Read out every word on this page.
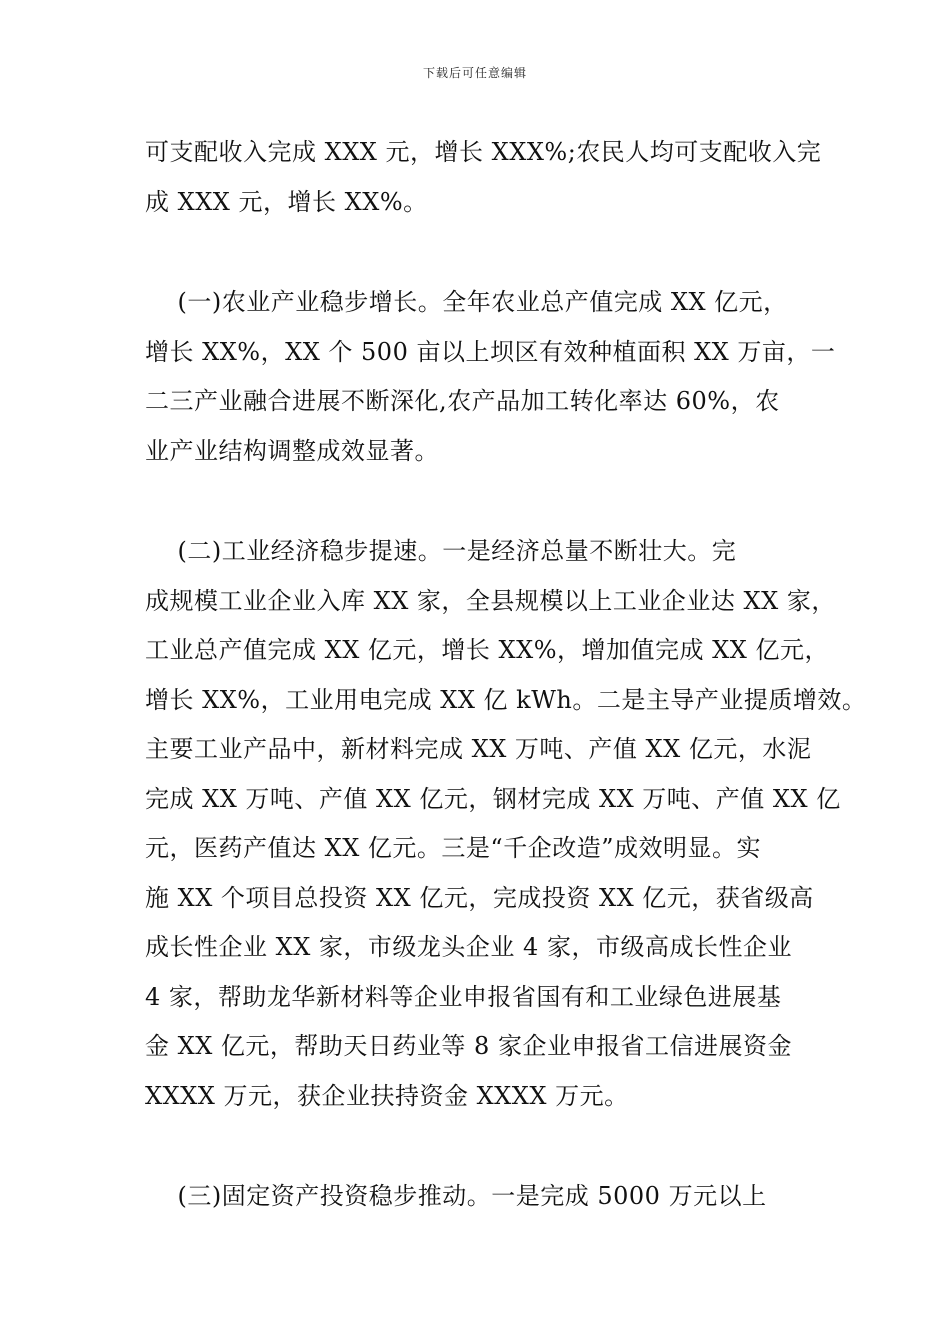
下载后可任意编辑
可支配收入完成 XXX 元，增长 XXX%;农民人均可支配收入完
成 XXX 元，增长 XX%。
(一)农业产业稳步增长。全年农业总产值完成 XX 亿元，
增长 XX%，XX 个 500 亩以上坝区有效种植面积 XX 万亩，一
二三产业融合进展不断深化,农产品加工转化率达 60%，农
业产业结构调整成效显著。
(二)工业经济稳步提速。一是经济总量不断壮大。完
成规模工业企业入库 XX 家，全县规模以上工业企业达 XX 家，
工业总产值完成 XX 亿元，增长 XX%，增加值完成 XX 亿元，
增长 XX%，工业用电完成 XX 亿 kWh。二是主导产业提质增效。
主要工业产品中，新材料完成 XX 万吨、产值 XX 亿元，水泥
完成 XX 万吨、产值 XX 亿元，钢材完成 XX 万吨、产值 XX 亿
元，医药产值达 XX 亿元。三是“千企改造”成效明显。实
施 XX 个项目总投资 XX 亿元，完成投资 XX 亿元，获省级高
成长性企业 XX 家，市级龙头企业 4 家，市级高成长性企业
4 家，帮助龙华新材料等企业申报省国有和工业绿色进展基
金 XX 亿元，帮助天日药业等 8 家企业申报省工信进展资金
XXXX 万元，获企业扶持资金 XXXX 万元。
(三)固定资产投资稳步推动。一是完成 5000 万元以上
